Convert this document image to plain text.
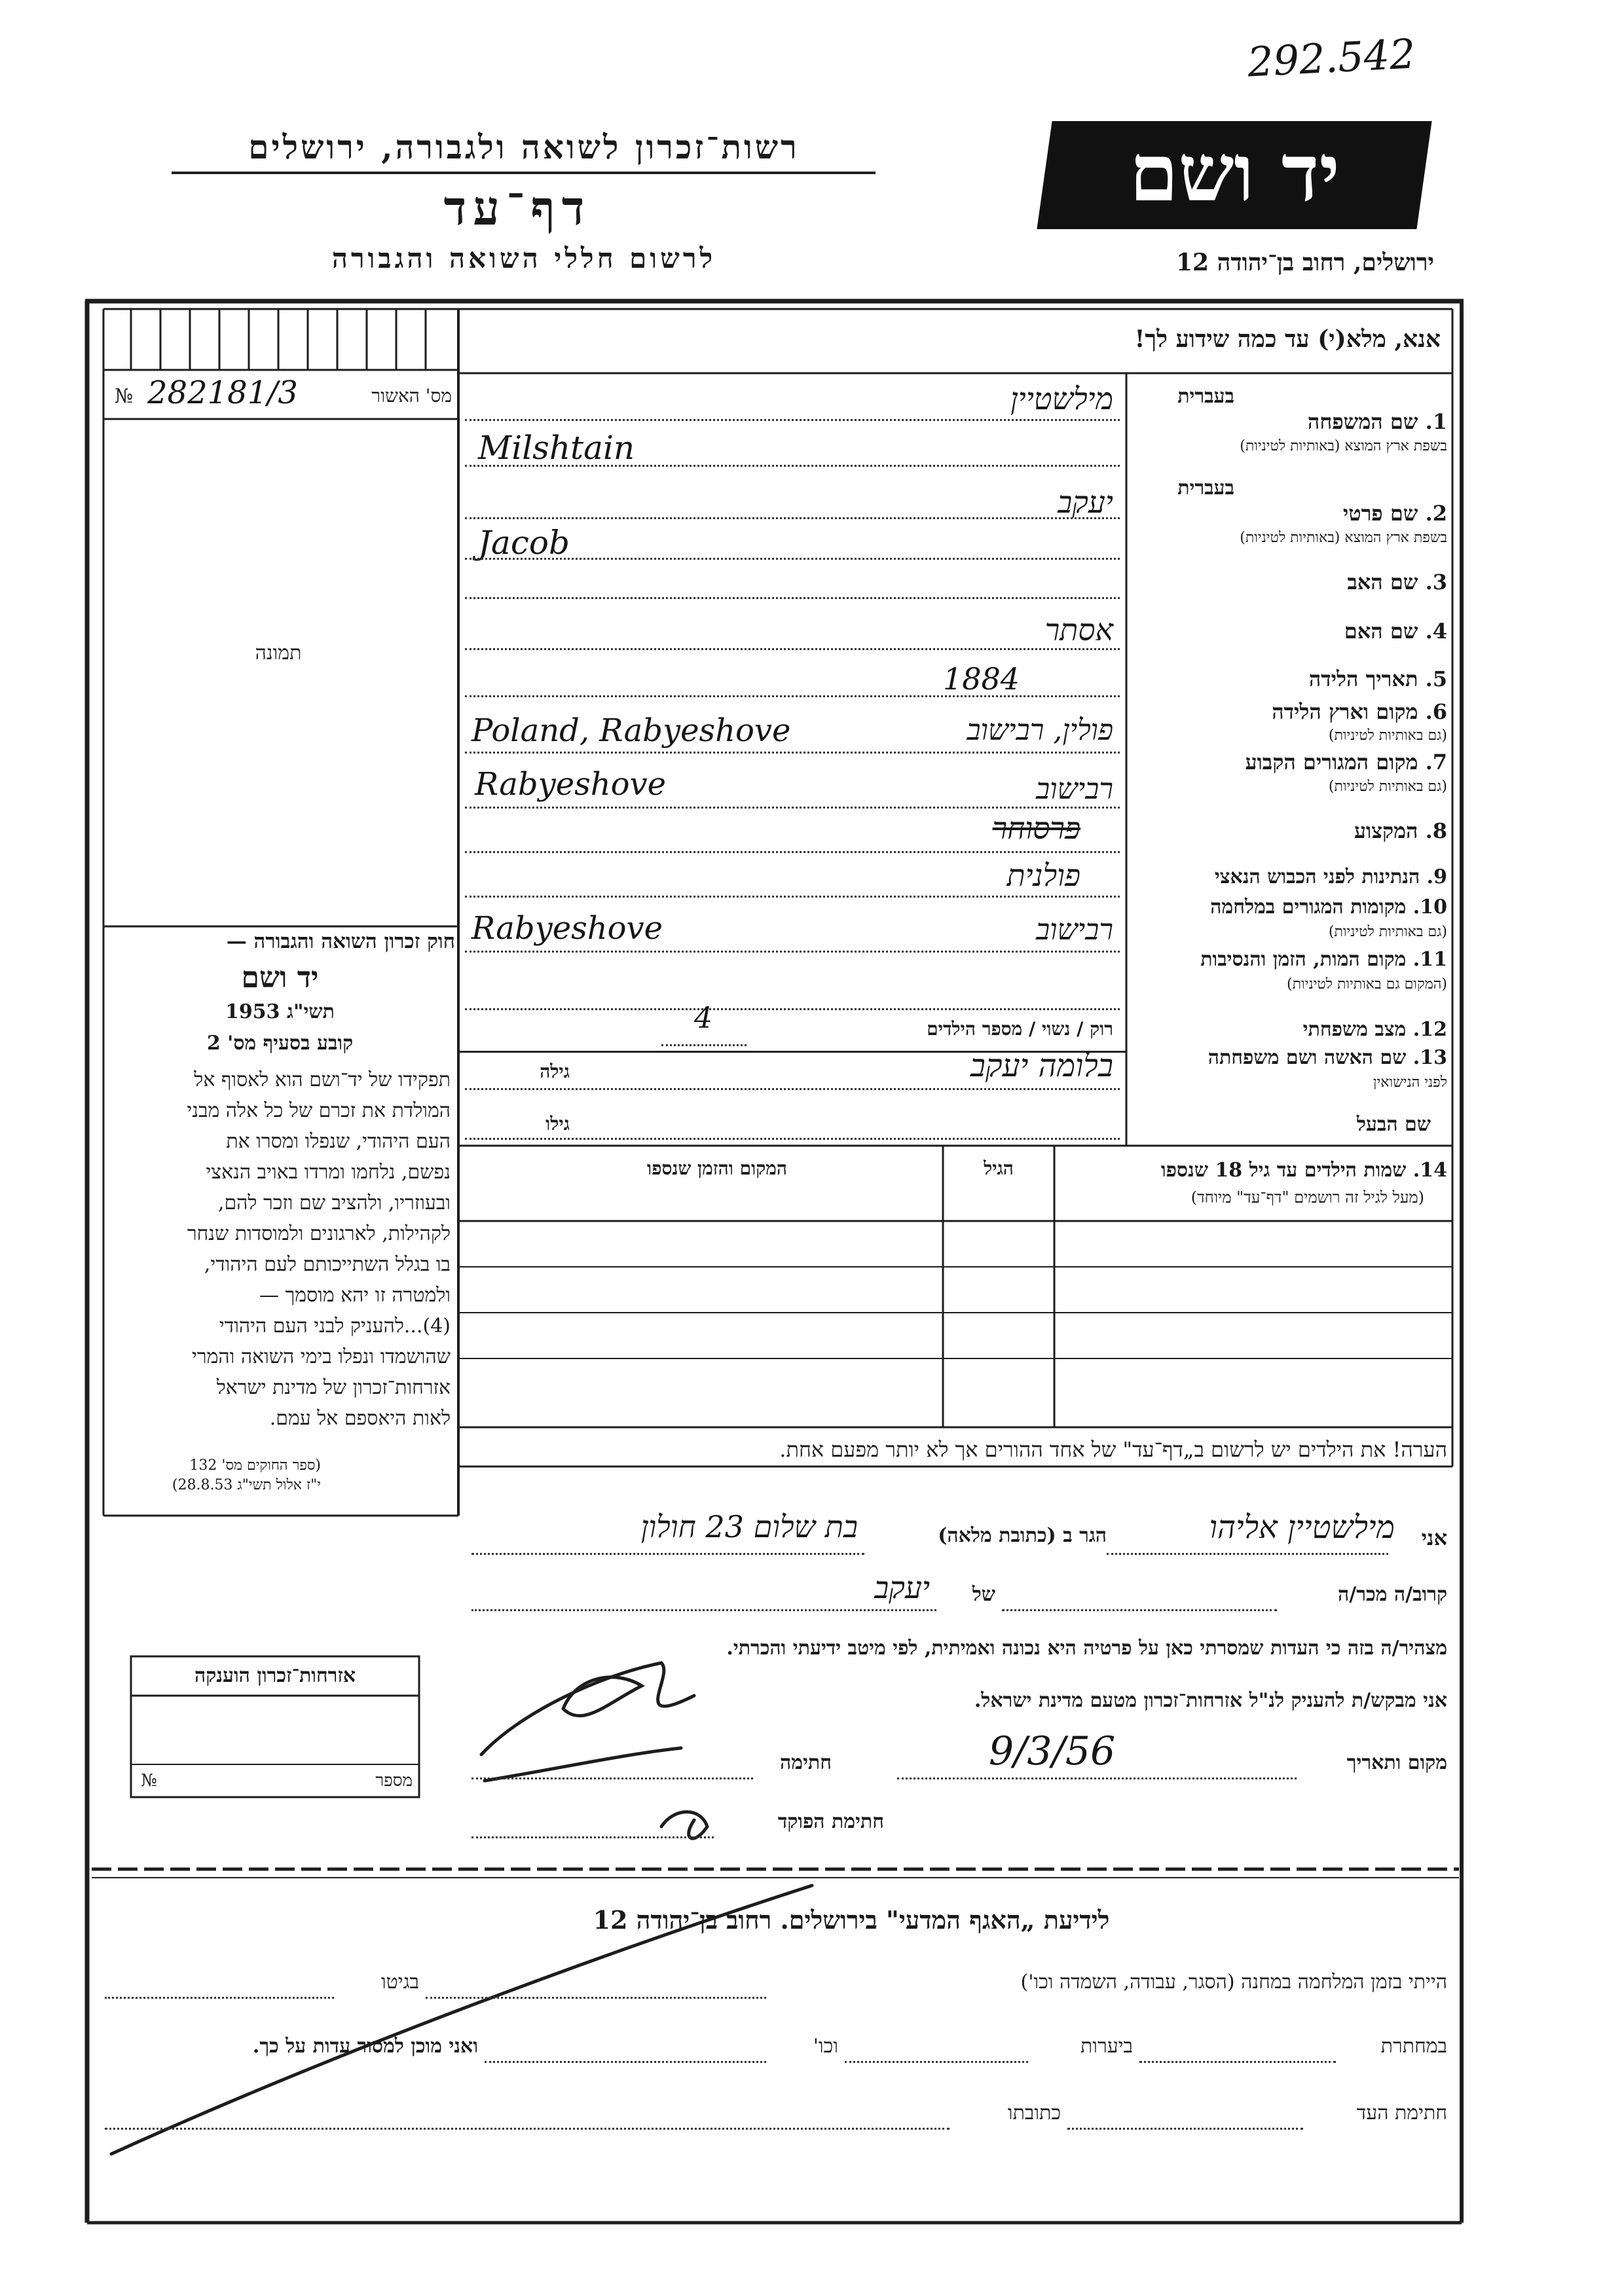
292.542
רשות־זכרון לשואה ולגבורה, ירושלים
דף־עד
לרשום חללי השואה והגבורה
יד ושם
ירושלים, רחוב בן־יהודה 12
אנא, מלא(י) עד כמה שידוע לך!
מס' האשור
№ 282181/3
תמונה
בעברית
1. שם המשפחה
בשפת ארץ המוצא (באותיות לטיניות)
מילשטיין
Milshtain
בעברית
2. שם פרטי
בשפת ארץ המוצא (באותיות לטיניות)
יעקב
Jacob
3. שם האב
4. שם האם
אסתר
5. תאריך הלידה
1884
6. מקום וארץ הלידה
(גם באותיות לטיניות)
פולין, רבישוב
Poland, Rabyeshove
7. מקום המגורים הקבוע
(גם באותיות לטיניות)
רבישוב
Rabyeshove
8. המקצוע
פרסוחר
9. הנתינות לפני הכבוש הנאצי
פולנית
10. מקומות המגורים במלחמה
(גם באותיות לטיניות)
רבישוב
Rabyeshove
11. מקום המות, הזמן והנסיבות
(המקום גם באותיות לטיניות)
12. מצב משפחתי
רוק / נשוי / מספר הילדים
4
13. שם האשה ושם משפחתה
לפני הנישואין
בלומה יעקב
גילה
שם הבעל
גילו
14. שמות הילדים עד גיל 18 שנספו
(מעל לגיל זה רושמים "דף־עד" מיוחד)
הגיל
המקום והזמן שנספו
חוק זכרון השואה והגבורה —
יד ושם
תשי"ג 1953
קובע בסעיף מס' 2
תפקידו של יד־ושם הוא לאסוף אל
המולדת את זכרם של כל אלה מבני
העם היהודי, שנפלו ומסרו את
נפשם, נלחמו ומרדו באויב הנאצי
ובעוזריו, ולהציב שם וזכר להם,
לקהילות, לארגונים ולמוסדות שנחר
בו בגלל השתייכותם לעם היהודי,
ולמטרה זו יהא מוסמך —
(4)...להעניק לבני העם היהודי
שהושמדו ונפלו בימי השואה והמרי
אזרחות־זכרון של מדינת ישראל
לאות היאספם אל עמם.
(ספר החוקים מס' 132
י"ז אלול תשי"ג 28.8.53)
הערה! את הילדים יש לרשום ב„דף־עד" של אחד ההורים אך לא יותר מפעם אחת.
אני
מילשטיין אליהו
הגר ב (כתובת מלאה)
בת שלום 23 חולון
קרוב/ה מכר/ה
של
יעקב
מצהיר/ה בזה כי העדות שמסרתי כאן על פרטיה היא נכונה ואמיתית, לפי מיטב ידיעתי והכרתי.
אני מבקש/ת להעניק לנ"ל אזרחות־זכרון מטעם מדינת ישראל.
מקום ותאריך
9/3/56
חתימה
חתימת הפוקד
אזרחות־זכרון הוענקה
מספר
№
לידיעת „האגף המדעי" בירושלים. רחוב בן־יהודה 12
הייתי בזמן המלחמה במחנה (הסגר, עבודה, השמדה וכו')
בגיטו
במחתרת
ביערות
וכו'
ואני מוכן למסור עדות על כך.
חתימת העד
כתובתו
